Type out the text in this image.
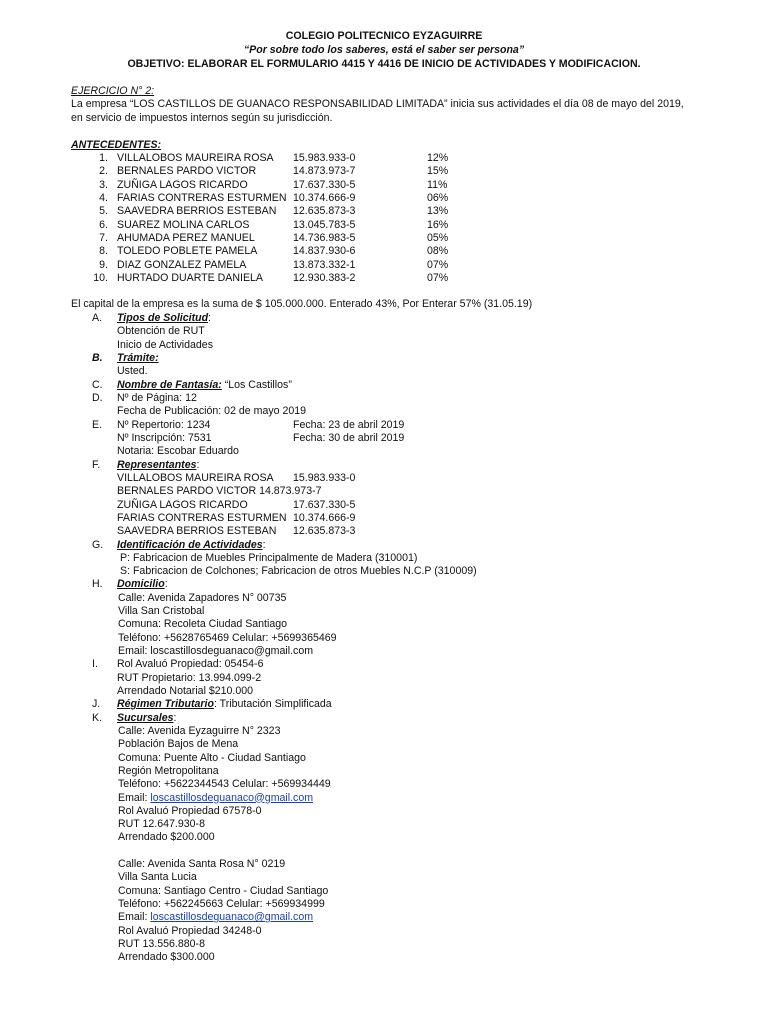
COLEGIO POLITECNICO EYZAGUIRRE
“Por sobre todo los saberes, está el saber ser persona”
OBJETIVO: ELABORAR EL FORMULARIO 4415 Y 4416 DE INICIO DE ACTIVIDADES Y MODIFICACION.
EJERCICIO N° 2:
La empresa “LOS CASTILLOS DE GUANACO RESPONSABILIDAD LIMITADA” inicia sus actividades el día 08 de mayo del 2019,
en servicio de impuestos internos según su jurisdicción.
ANTECEDENTES:
1. VILLALOBOS MAUREIRA ROSA 15.983.933-0	12%
2. BERNALES PARDO VICTOR	14.873.973-7	15%
3. ZUÑIGA LAGOS RICARDO	17.637.330-5	11%
4. FARIAS CONTRERAS ESTURMEN 10.374.666-9	06%
5. SAAVEDRA BERRIOS ESTEBAN 12.635.873-3	13%
6. SUAREZ MOLINA CARLOS	13.045.783-5	16%
7. AHUMADA PEREZ MANUEL	14.736.983-5	05%
8. TOLEDO POBLETE PAMELA	14.837.930-6	08%
9. DIAZ GONZALEZ PAMELA	13.873.332-1	07%
10. HURTADO DUARTE DANIELA	12.930.383-2	07%
El capital de la empresa es la suma de $ 105.000.000. Enterado 43%, Por Enterar 57% (31.05.19)
A. Tipos de Solicitud:
Obtención de RUT
Inicio de Actividades
B. Trámite:
Usted.
C. Nombre de Fantasía: “Los Castillos”
D. Nº de Página: 12
Fecha de Publicación: 02 de mayo 2019
E. Nº Repertorio: 1234	Fecha: 23 de abril 2019
Nº Inscripción: 7531	Fecha: 30 de abril 2019
Notaria: Escobar Eduardo
F. Representantes:
VILLALOBOS MAUREIRA ROSA 15.983.933-0
BERNALES PARDO VICTOR 14.873.973-7
ZUÑIGA LAGOS RICARDO	17.637.330-5
FARIAS CONTRERAS ESTURMEN 10.374.666-9
SAAVEDRA BERRIOS ESTEBAN 12.635.873-3
G. Identificación de Actividades:
P: Fabricacion de Muebles Principalmente de Madera (310001)
S: Fabricacion de Colchones; Fabricacion de otros Muebles N.C.P (310009)
H. Domicilio:
Calle: Avenida Zapadores N° 00735
Villa San Cristobal
Comuna: Recoleta Ciudad Santiago
Teléfono: +5628765469 Celular: +5699365469
Email: loscastillosdeguanaco@gmail.com
I. Rol Avaluó Propiedad: 05454-6
RUT Propietario: 13.994.099-2
Arrendado Notarial $210.000
J. Régimen Tributario: Tributación Simplificada
K. Sucursales:
Calle: Avenida Eyzaguirre N° 2323
Población Bajos de Mena
Comuna: Puente Alto - Ciudad Santiago
Región Metropolitana
Teléfono: +5622344543 Celular: +569934449
Email: loscastillosdeguanaco@gmail.com
Rol Avaluó Propiedad 67578-0
RUT 12.647.930-8
Arrendado $200.000
Calle: Avenida Santa Rosa N° 0219
Villa Santa Lucia
Comuna: Santiago Centro - Ciudad Santiago
Teléfono: +562245663 Celular: +569934999
Email: loscastillosdeguanaco@gmail.com
Rol Avaluó Propiedad 34248-0
RUT 13.556.880-8
Arrendado $300.000
